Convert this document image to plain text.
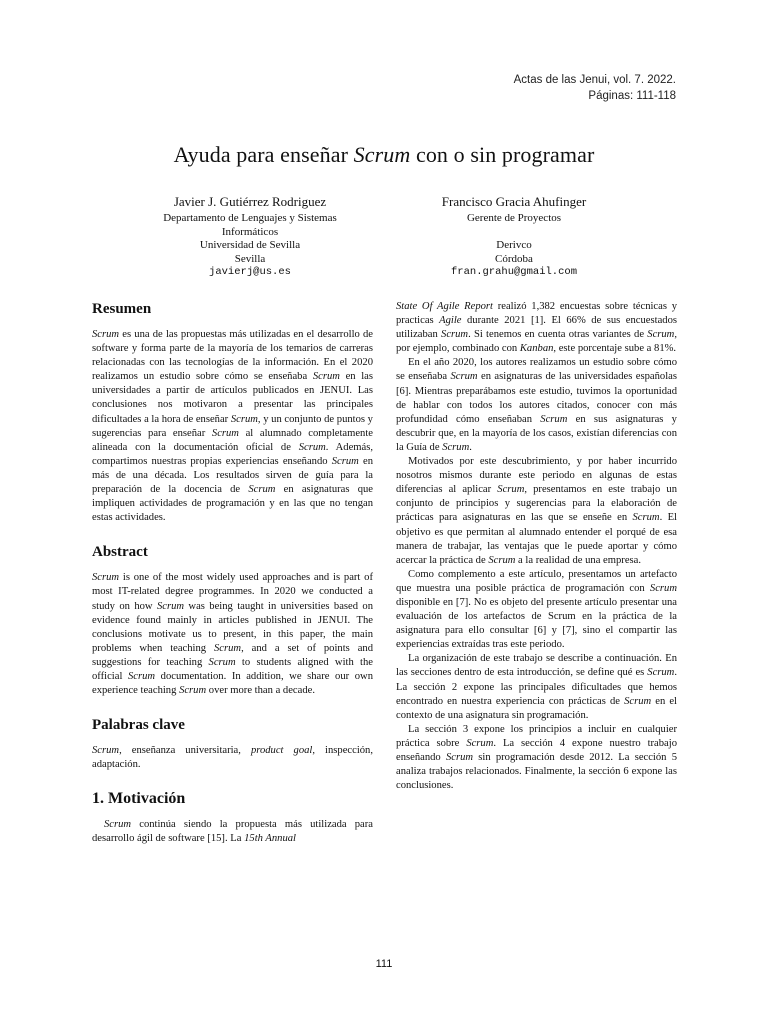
Actas de las Jenui, vol. 7. 2022.
Páginas: 111-118
Ayuda para enseñar Scrum con o sin programar
Javier J. Gutiérrez Rodriguez
Departamento de Lenguajes y Sistemas
Informáticos
Universidad de Sevilla
Sevilla
javierj@us.es
Francisco Gracia Ahufinger
Gerente de Proyectos
Derivco
Córdoba
fran.grahu@gmail.com
Resumen

Scrum es una de las propuestas más utilizadas en el desarrollo de software y forma parte de la mayoría de los temarios de carreras relacionadas con las tecnologías de la información. En el 2020 realizamos un estudio sobre cómo se enseñaba Scrum en las universidades a partir de artículos publicados en JENUI. Las conclusiones nos motivaron a presentar las principales dificultades a la hora de enseñar Scrum, y un conjunto de puntos y sugerencias para enseñar Scrum al alumnado completamente alineada con la documentación oficial de Scrum. Además, compartimos nuestras propias experiencias enseñando Scrum en más de una década. Los resultados sirven de guía para la preparación de la docencia de Scrum en asignaturas que impliquen actividades de programación y en las que no tengan estas actividades.

Abstract

Scrum is one of the most widely used approaches and is part of most IT-related degree programmes. In 2020 we conducted a study on how Scrum was being taught in universities based on evidence found mainly in articles published in JENUI. The conclusions motivate us to present, in this paper, the main problems when teaching Scrum, and a set of points and suggestions for teaching Scrum to students aligned with the official Scrum documentation. In addition, we share our own experience teaching Scrum over more than a decade.

Palabras clave

Scrum, enseñanza universitaria, product goal, inspección, adaptación.

1. Motivación

Scrum continúa siendo la propuesta más utilizada para desarrollo ágil de software [15]. La 15th Annual

State Of Agile Report realizó 1,382 encuestas sobre técnicas y practicas Agile durante 2021 [1]. El 66% de sus encuestados utilizaban Scrum. Si tenemos en cuenta otras variantes de Scrum, por ejemplo, combinado con Kanban, este porcentaje sube a 81%.

En el año 2020, los autores realizamos un estudio sobre cómo se enseñaba Scrum en asignaturas de las universidades españolas [6]. Mientras preparábamos este estudio, tuvimos la oportunidad de hablar con todos los autores citados, conocer con más profundidad cómo enseñaban Scrum en sus asignaturas y descubrir que, en la mayoría de los casos, existían diferencias con la Guía de Scrum.

Motivados por este descubrimiento, y por haber incurrido nosotros mismos durante este periodo en algunas de estas diferencias al aplicar Scrum, presentamos en este trabajo un conjunto de principios y sugerencias para la elaboración de prácticas para asignaturas en las que se enseñe en Scrum. El objetivo es que permitan al alumnado entender el porqué de esa manera de trabajar, las ventajas que le puede aportar y cómo acercar la práctica de Scrum a la realidad de una empresa.

Como complemento a este artículo, presentamos un artefacto que muestra una posible práctica de programación con Scrum disponible en [7]. No es objeto del presente artículo presentar una evaluación de los artefactos de Scrum en la práctica de la asignatura para ello consultar [6] y [7], sino el compartir las experiencias extraídas tras este periodo.

La organización de este trabajo se describe a continuación. En las secciones dentro de esta introducción, se define qué es Scrum. La sección 2 expone las principales dificultades que hemos encontrado en nuestra experiencia con prácticas de Scrum en el contexto de una asignatura sin programación.

La sección 3 expone los principios a incluir en cualquier práctica sobre Scrum. La sección 4 expone nuestro trabajo enseñando Scrum sin programación desde 2012. La sección 5 analiza trabajos relacionados. Finalmente, la sección 6 expone las conclusiones.

111
